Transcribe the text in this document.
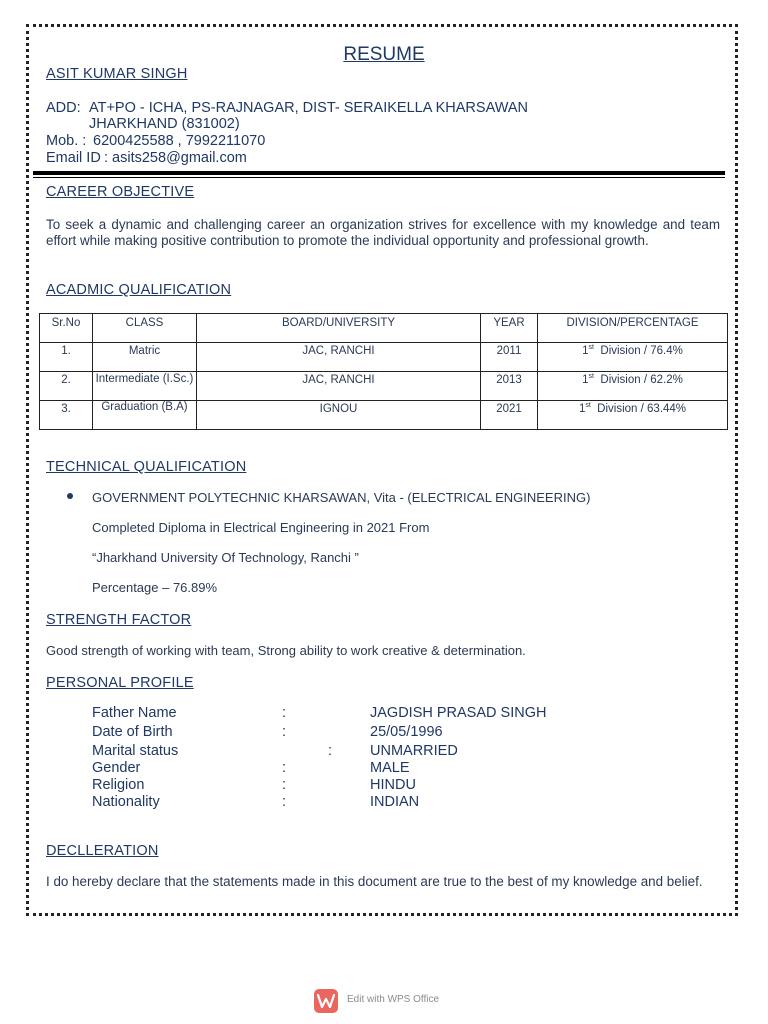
RESUME
ASIT KUMAR SINGH
ADD: AT+PO - ICHA, PS-RAJNAGAR, DIST- SERAIKELLA KHARSAWAN
JHARKHAND (831002)
Mob. : 6200425588 , 7992211070
Email ID : asits258@gmail.com
CAREER OBJECTIVE
To seek a dynamic and challenging career an organization strives for excellence with my knowledge and team effort while making positive contribution to promote the individual opportunity and professional growth.
ACADMIC QUALIFICATION
Sr.No	CLASS	BOARD/UNIVERSITY	YEAR	DIVISION/PERCENTAGE
1.	Matric	JAC, RANCHI	2011	1st  Division / 76.4%
2.	Intermediate (I.Sc.)	JAC, RANCHI	2013	1st  Division / 62.2%
3.	Graduation (B.A)	IGNOU	2021	1st  Division / 63.44%
TECHNICAL QUALIFICATION
GOVERNMENT POLYTECHNIC KHARSAWAN, Vita - (ELECTRICAL ENGINEERING)
Completed Diploma in Electrical Engineering in 2021 From
“Jharkhand University Of Technology, Ranchi ”
Percentage – 76.89%
STRENGTH FACTOR
Good strength of working with team, Strong ability to work creative & determination.
PERSONAL PROFILE
Father Name	:	JAGDISH PRASAD SINGH
Date of Birth	:	25/05/1996
Marital status	:	UNMARRIED
Gender	:	MALE
Religion	:	HINDU
Nationality	:	INDIAN
DECLLERATION
I do hereby declare that the statements made in this document are true to the best of my knowledge and belief.
Edit with WPS Office
